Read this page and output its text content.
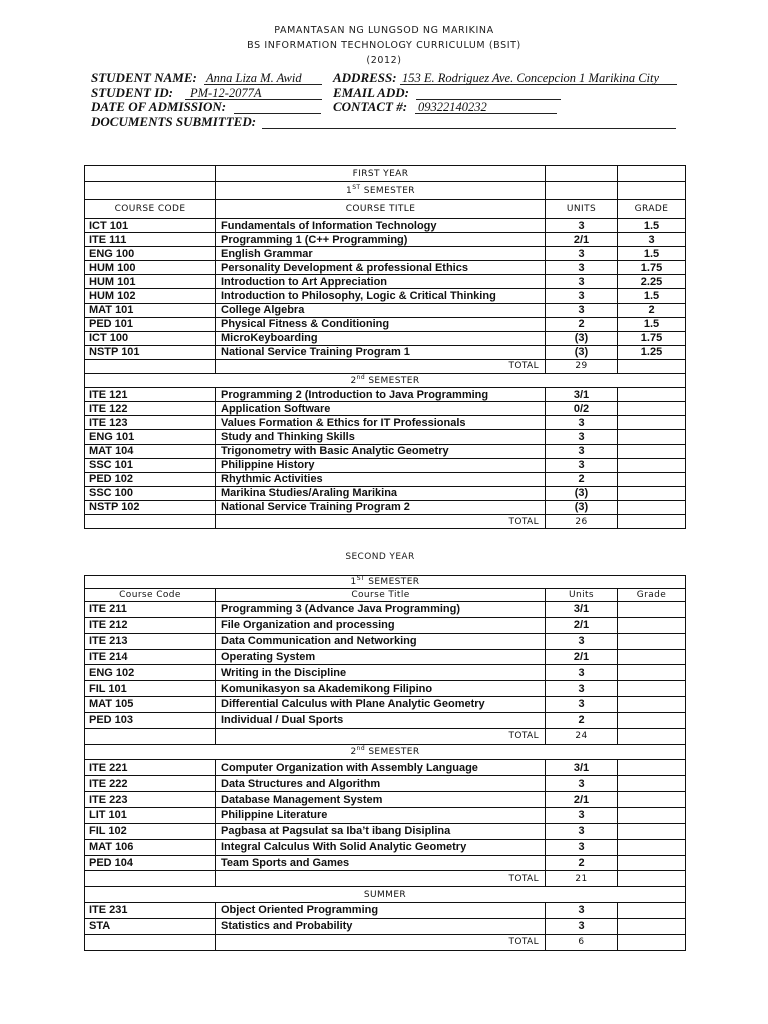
PAMANTASAN NG LUNGSOD NG MARIKINA
BS INFORMATION TECHNOLOGY CURRICULUM (BSIT)
(2012)
STUDENT NAME: Anna Liza M. Awid	ADDRESS: 153 E. Rodriguez Ave. Concepcion 1 Marikina City
STUDENT ID:	PM-12-2077A	EMAIL ADD:
DATE OF ADMISSION:	CONTACT #: 09322140232
DOCUMENTS SUBMITTED:
FIRST YEAR
1ST SEMESTER
COURSE CODE	COURSE TITLE	UNITS	GRADE
ICT 101	Fundamentals of Information Technology	3	1.5
ITE 111	Programming 1 (C++ Programming)	2/1	3
ENG 100	English Grammar	3	1.5
HUM 100	Personality Development & professional Ethics	3	1.75
HUM 101	Introduction to Art Appreciation	3	2.25
HUM 102	Introduction to Philosophy, Logic & Critical Thinking	3	1.5
MAT 101	College Algebra	3	2
PED 101	Physical Fitness & Conditioning	2	1.5
ICT 100	MicroKeyboarding	(3)	1.75
NSTP 101	National Service Training Program 1	(3)	1.25
TOTAL	29
2nd SEMESTER
ITE 121	Programming 2 (Introduction to Java Programming	3/1
ITE 122	Application Software	0/2
ITE 123	Values Formation & Ethics for IT Professionals	3
ENG 101	Study and Thinking Skills	3
MAT 104	Trigonometry with Basic Analytic Geometry	3
SSC 101	Philippine History	3
PED 102	Rhythmic Activities	2
SSC 100	Marikina Studies/Araling Marikina	(3)
NSTP 102	National Service Training Program 2	(3)
TOTAL	26
SECOND YEAR
1ST SEMESTER
Course Code	Course Title	Units	Grade
ITE 211	Programming 3 (Advance Java Programming)	3/1
ITE 212	File Organization and processing	2/1
ITE 213	Data Communication and Networking	3
ITE 214	Operating System	2/1
ENG 102	Writing in the Discipline	3
FIL 101	Komunikasyon sa Akademikong Filipino	3
MAT 105	Differential Calculus with Plane Analytic Geometry	3
PED 103	Individual / Dual Sports	2
TOTAL	24
2nd SEMESTER
ITE 221	Computer Organization with Assembly Language	3/1
ITE 222	Data Structures and Algorithm	3
ITE 223	Database Management System	2/1
LIT 101	Philippine Literature	3
FIL 102	Pagbasa at Pagsulat sa Iba’t ibang Disiplina	3
MAT 106	Integral Calculus With Solid Analytic Geometry	3
PED 104	Team Sports and Games	2
TOTAL	21
SUMMER
ITE 231	Object Oriented Programming	3
STA	Statistics and Probability	3
TOTAL	6
